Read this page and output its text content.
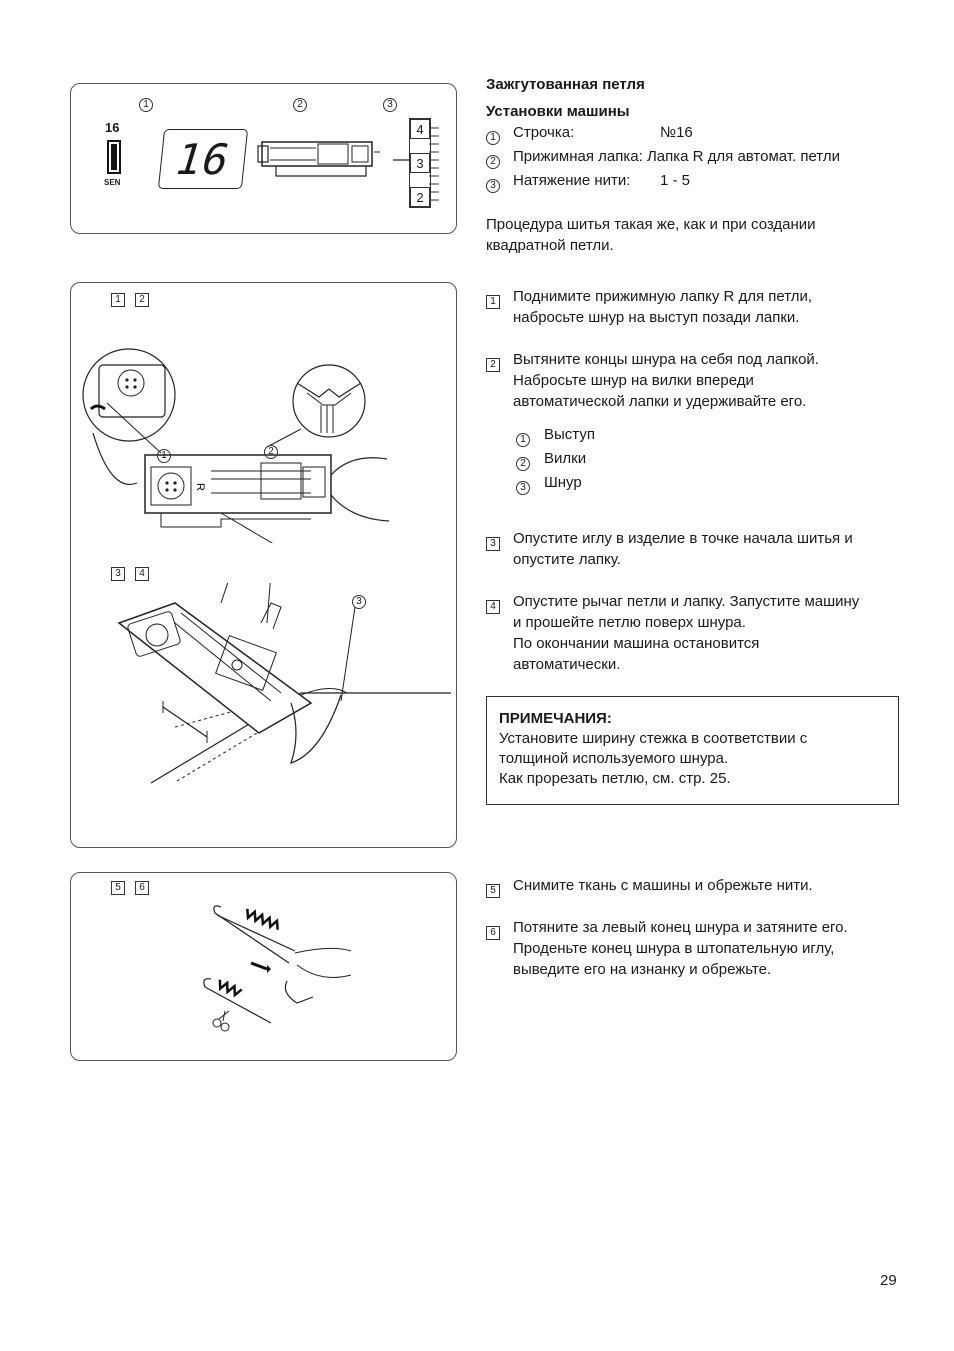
1	2	3
16
SEN	16
4
3
2
1	2
3	4
R
1	2
3
5	6
Зажгутованная петля
Установки машины
1	Строчка:	№16
2	Прижимная лапка:
Лапка R для автомат. петли
3	Натяжение нити:	1 - 5
Процедура шитья такая же, как и при создании
квадратной петли.
1	Поднимите прижимную лапку R для петли,
набросьте шнур на выступ позади лапки.
2	Вытяните концы шнура на себя под лапкой.
Набросьте шнур на вилки впереди
автоматической лапки и удерживайте его.
1	Выступ
2	Вилки
3	Шнур
3	Опустите иглу в изделие в точке начала шитья и
опустите лапку.
4	Опустите рычаг петли и лапку. Запустите машину
и прошейте петлю поверх шнура.
По окончании машина остановится
автоматически.
ПРИМЕЧАНИЯ:
Установите ширину стежка в соответствии с
толщиной используемого шнура.
Как прорезать петлю, см. стр. 25.
5	Снимите ткань с машины и обрежьте нити.
6	Потяните за левый конец шнура и затяните его.
Проденьте конец шнура в штопательную иглу,
выведите его на изнанку и обрежьте.
29
